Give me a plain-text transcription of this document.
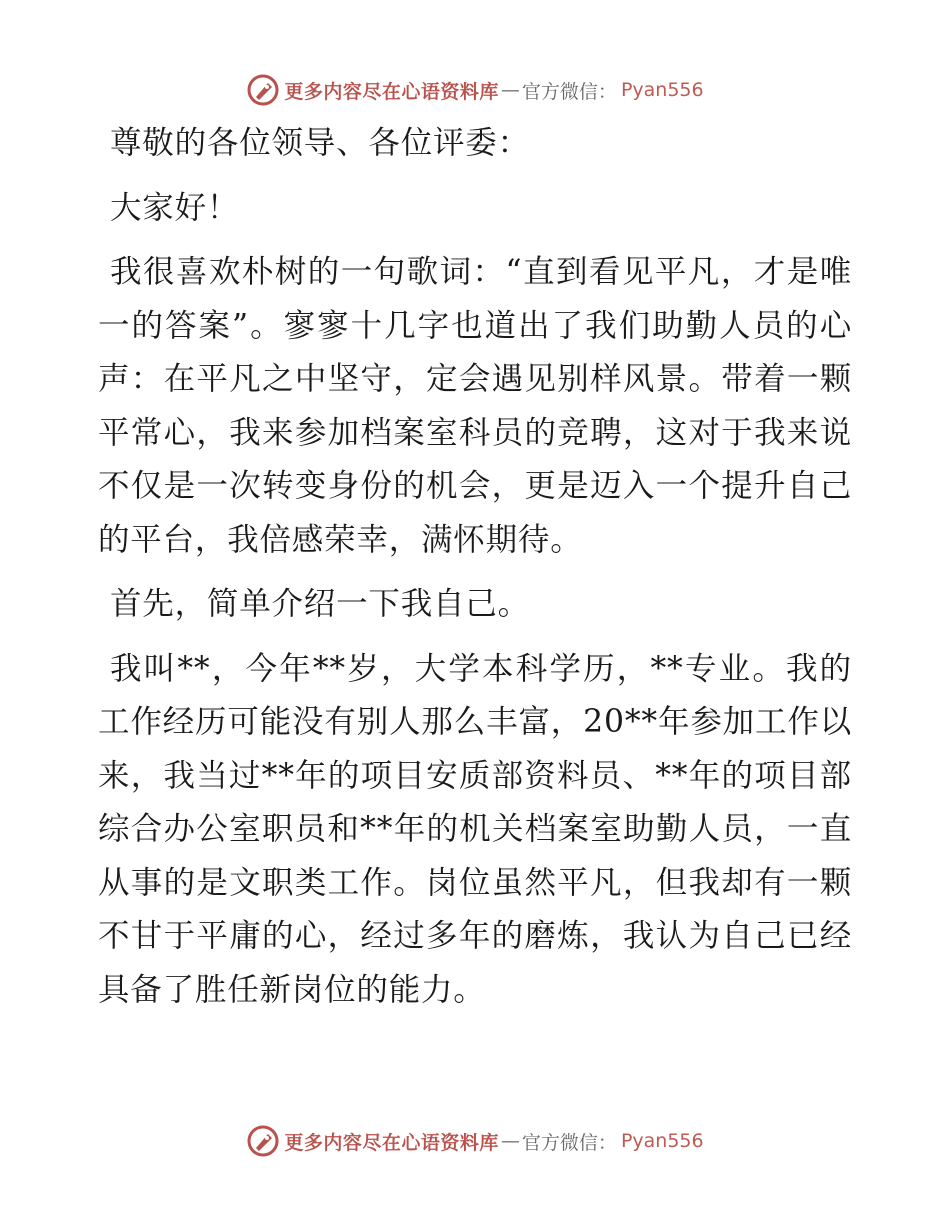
更多内容尽在心语资料库 — 官方微信： Pyan556

尊敬的各位领导、各位评委：

大家好！

我很喜欢朴树的一句歌词：“直到看见平凡，才是唯一的答案”。寥寥十几字也道出了我们助勤人员的心声：在平凡之中坚守，定会遇见别样风景。带着一颗平常心，我来参加档案室科员的竞聘，这对于我来说不仅是一次转变身份的机会，更是迈入一个提升自己的平台，我倍感荣幸，满怀期待。

首先，简单介绍一下我自己。

我叫**，今年**岁，大学本科学历，**专业。我的工作经历可能没有别人那么丰富，20**年参加工作以来，我当过**年的项目安质部资料员、**年的项目部综合办公室职员和**年的机关档案室助勤人员，一直从事的是文职类工作。岗位虽然平凡，但我却有一颗不甘于平庸的心，经过多年的磨炼，我认为自己已经具备了胜任新岗位的能力。

更多内容尽在心语资料库 — 官方微信： Pyan556
